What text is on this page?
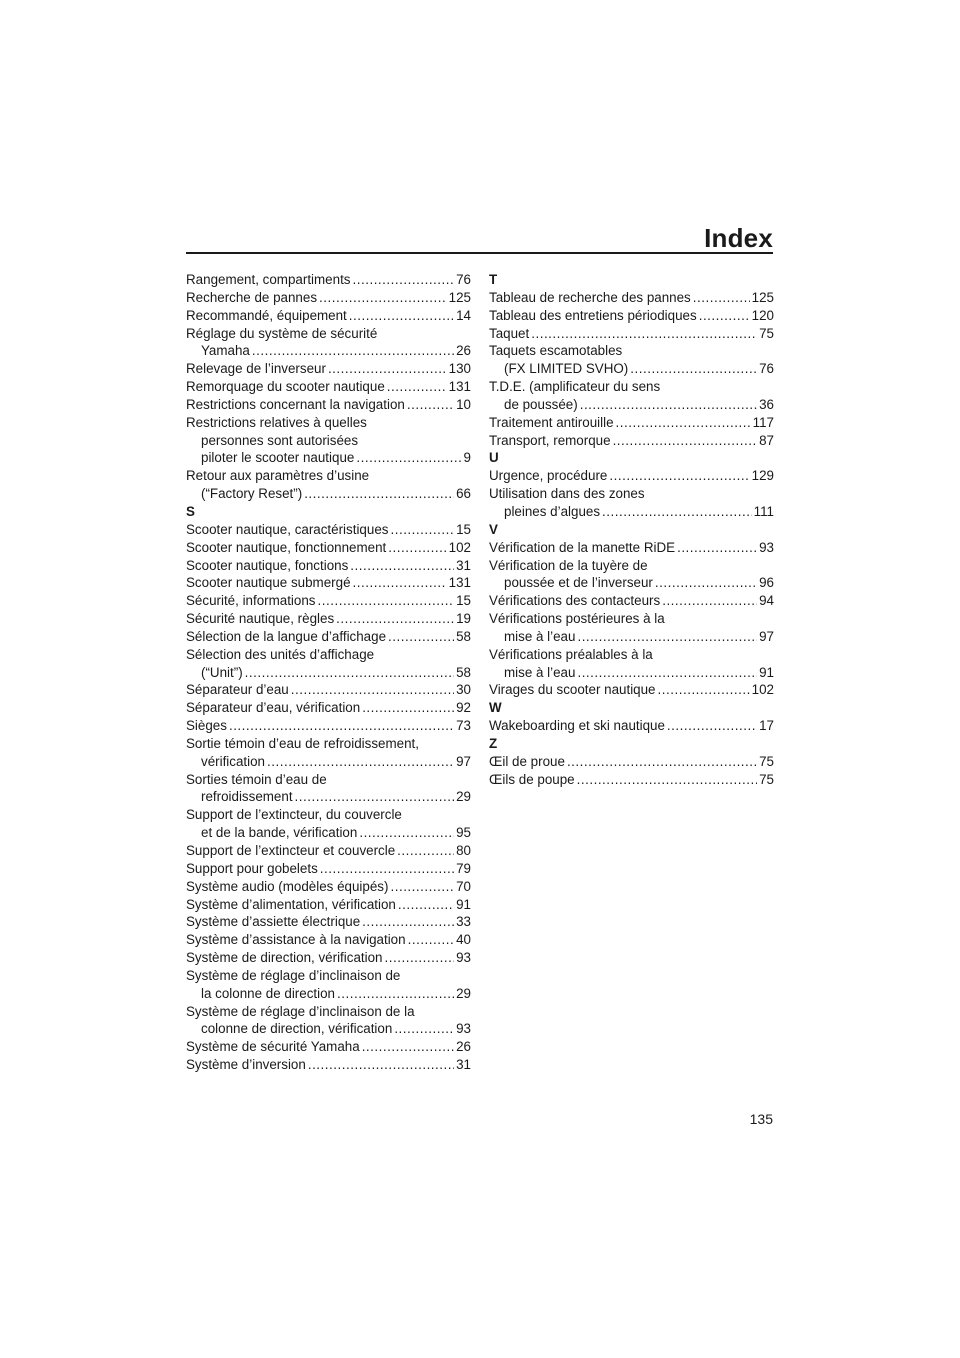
Index
Rangement, compartiments . . .	76
Recherche de pannes . . .	125
Recommandé, équipement . . .	14
Réglage du système de sécurité
Yamaha . . .	26
Relevage de l’inverseur . . .	130
Remorquage du scooter nautique . . .	131
Restrictions concernant la navigation . . .	10
Restrictions relatives à quelles
personnes sont autorisées
piloter le scooter nautique . . .	9
Retour aux paramètres d’usine
(“Factory Reset”) . . .	66
S
Scooter nautique, caractéristiques . . .	15
Scooter nautique, fonctionnement . . .	102
Scooter nautique, fonctions . . .	31
Scooter nautique submergé . . .	131
Sécurité, informations . . .	15
Sécurité nautique, règles . . .	19
Sélection de la langue d’affichage . . .	58
Sélection des unités d’affichage
(“Unit”) . . .	58
Séparateur d’eau . . .	30
Séparateur d’eau, vérification . . .	92
Sièges . . .	73
Sortie témoin d’eau de refroidissement,
vérification . . .	97
Sorties témoin d’eau de
refroidissement . . .	29
Support de l’extincteur, du couvercle
et de la bande, vérification . . .	95
Support de l’extincteur et couvercle . . .	80
Support pour gobelets . . .	79
Système audio (modèles équipés) . . .	70
Système d’alimentation, vérification . . .	91
Système d’assiette électrique . . .	33
Système d’assistance à la navigation . . .	40
Système de direction, vérification . . .	93
Système de réglage d’inclinaison de
la colonne de direction . . .	29
Système de réglage d’inclinaison de la
colonne de direction, vérification . . .	93
Système de sécurité Yamaha . . .	26
Système d’inversion . . .	31
T
Tableau de recherche des pannes . . .	125
Tableau des entretiens périodiques . . .	120
Taquet . . .	75
Taquets escamotables
(FX LIMITED SVHO) . . .	76
T.D.E. (amplificateur du sens
de poussée) . . .	36
Traitement antirouille . . .	117
Transport, remorque . . .	87
U
Urgence, procédure . . .	129
Utilisation dans des zones
pleines d’algues . . .	111
V
Vérification de la manette RiDE . . .	93
Vérification de la tuyère de
poussée et de l’inverseur . . .	96
Vérifications des contacteurs . . .	94
Vérifications postérieures à la
mise à l’eau . . .	97
Vérifications préalables à la
mise à l’eau . . .	91
Virages du scooter nautique . . .	102
W
Wakeboarding et ski nautique . . .	17
Z
Œil de proue . . .	75
Œils de poupe . . .	75
135
